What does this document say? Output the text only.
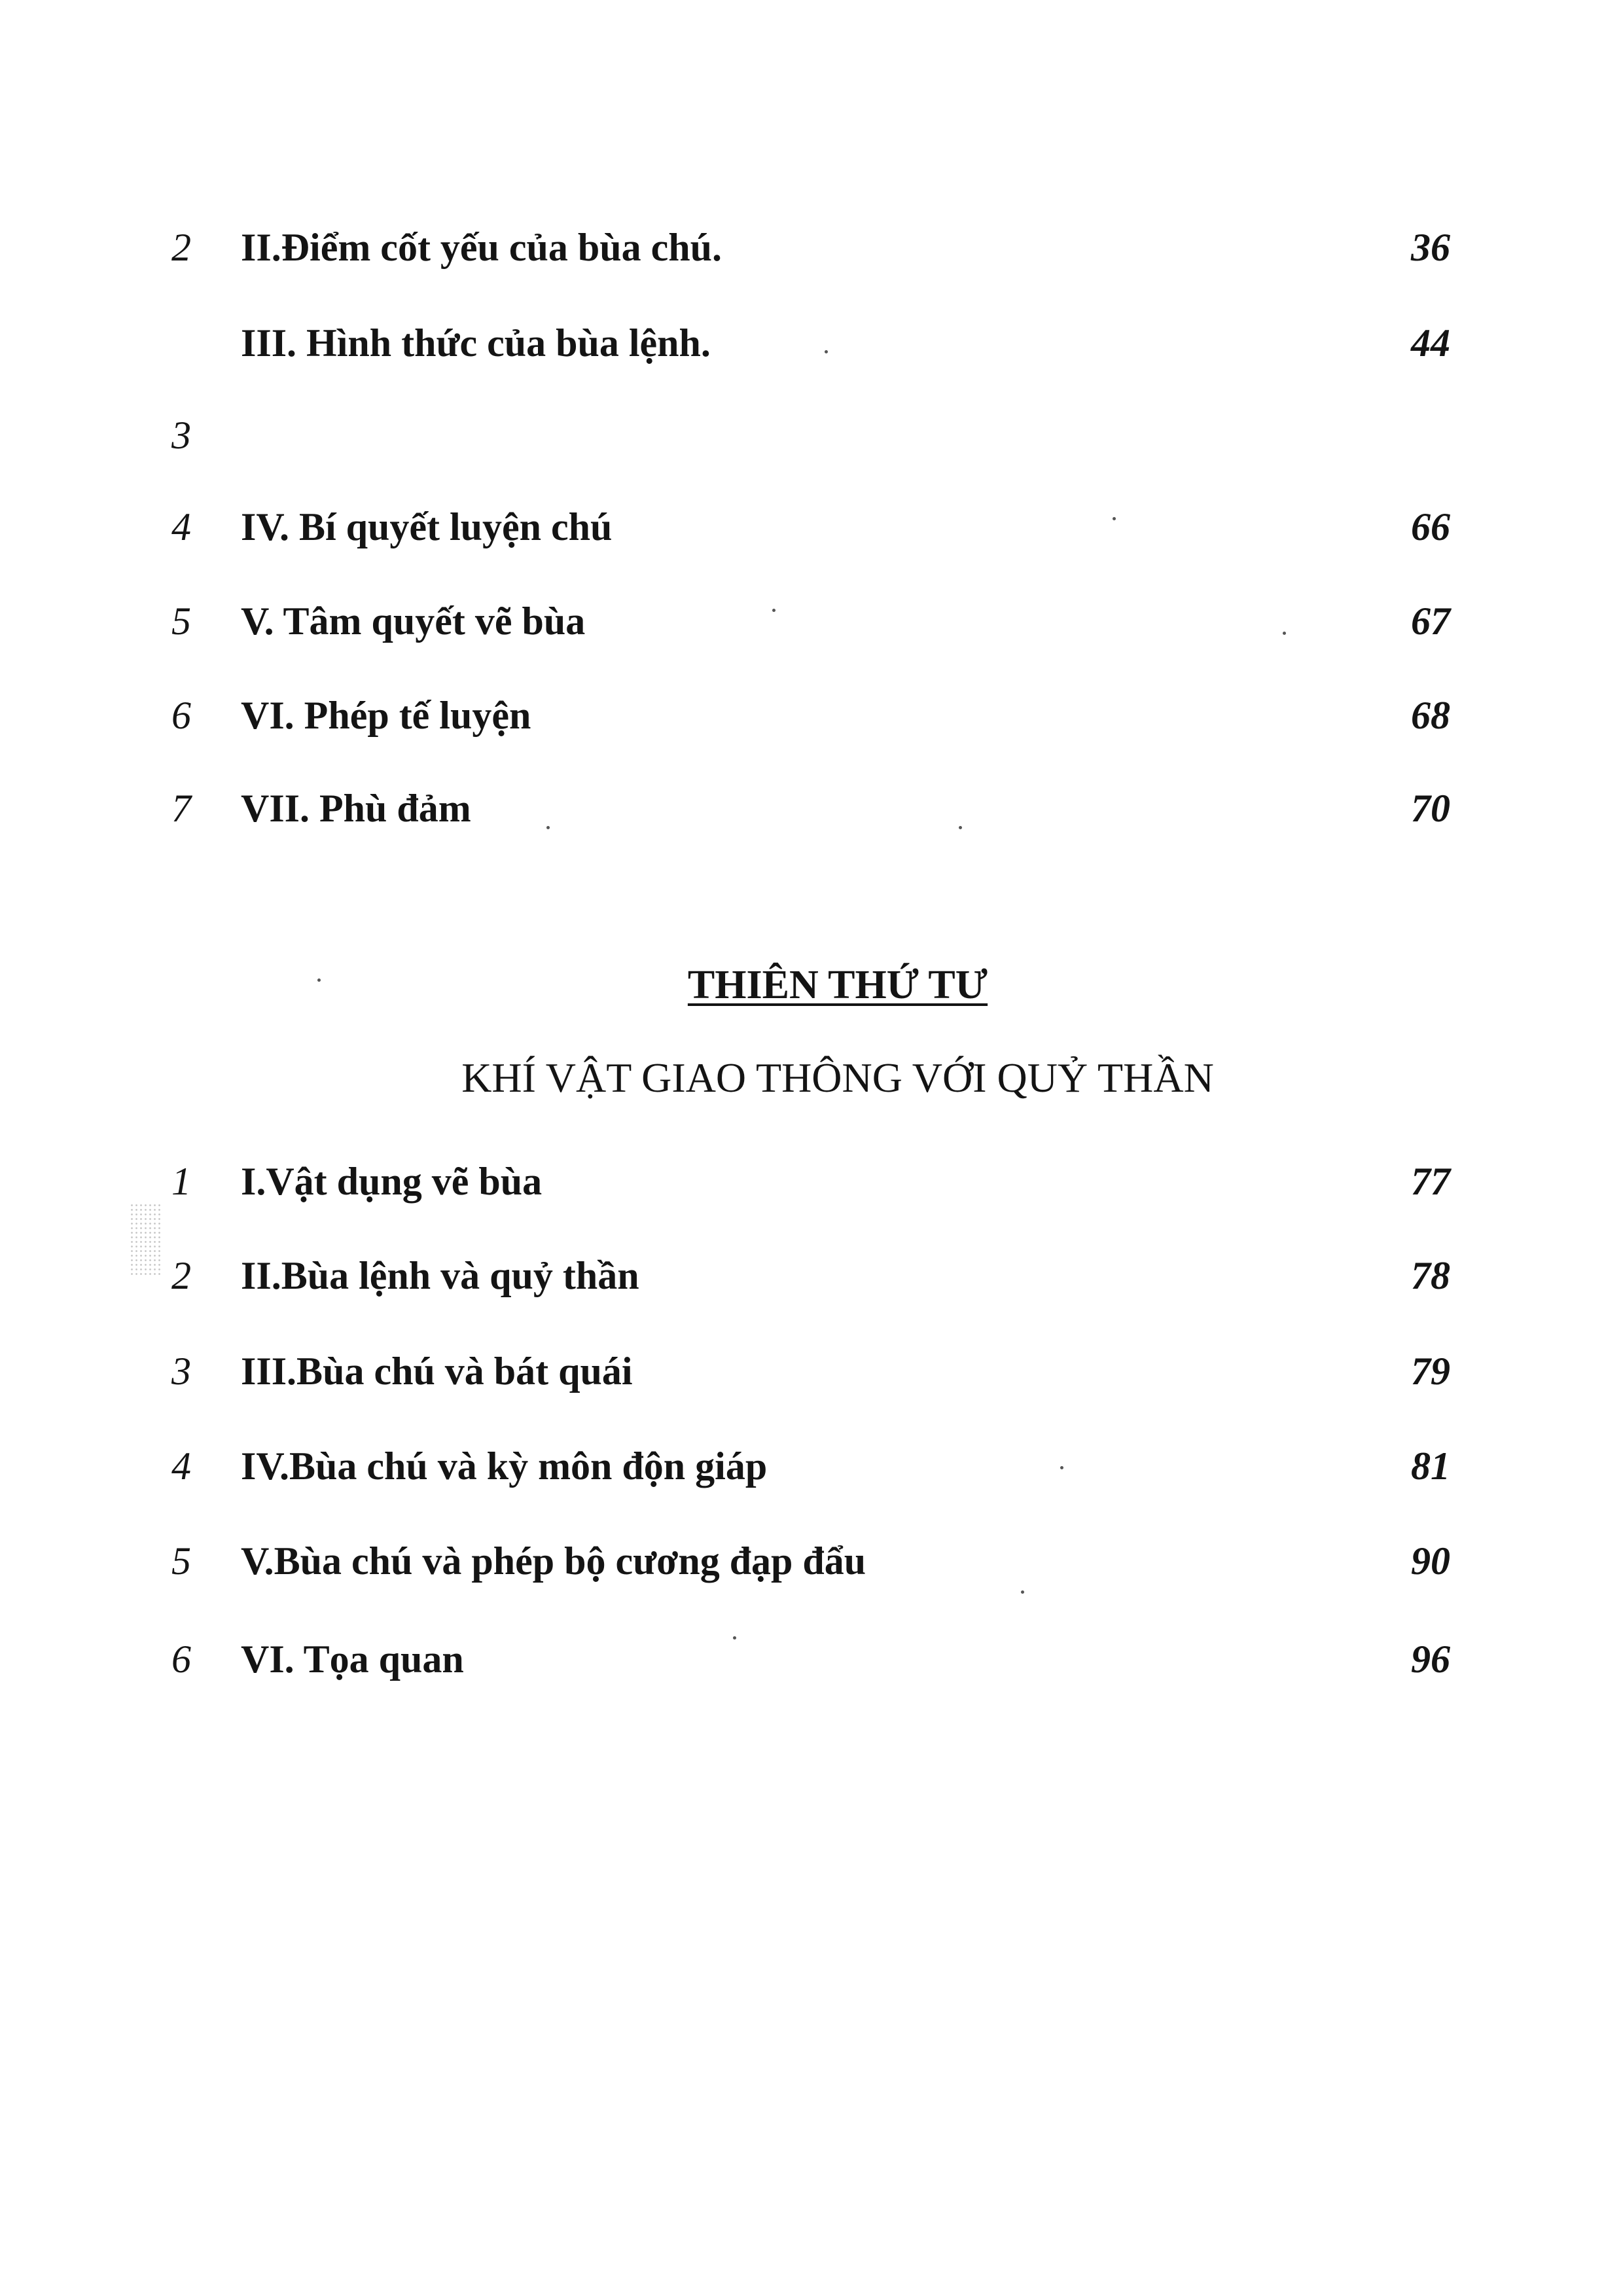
2 II.Điểm cốt yếu của bùa chú.	36
III. Hình thức của bùa lệnh.	44
3
4 IV. Bí quyết luyện chú	66
5 V. Tâm quyết vẽ bùa	67
6 VI. Phép tế luyện	68
7 VII. Phù đảm	70
THIÊN THỨ TƯ
KHÍ VẬT GIAO THÔNG VỚI QUỶ THẦN
1 I.Vật dụng vẽ bùa	77
2 II.Bùa lệnh và quỷ thần	78
3 III.Bùa chú và bát quái	79
4 IV.Bùa chú và kỳ môn độn giáp	81
5 V.Bùa chú và phép bộ cương đạp đẩu	90
6 VI. Tọa quan	96
